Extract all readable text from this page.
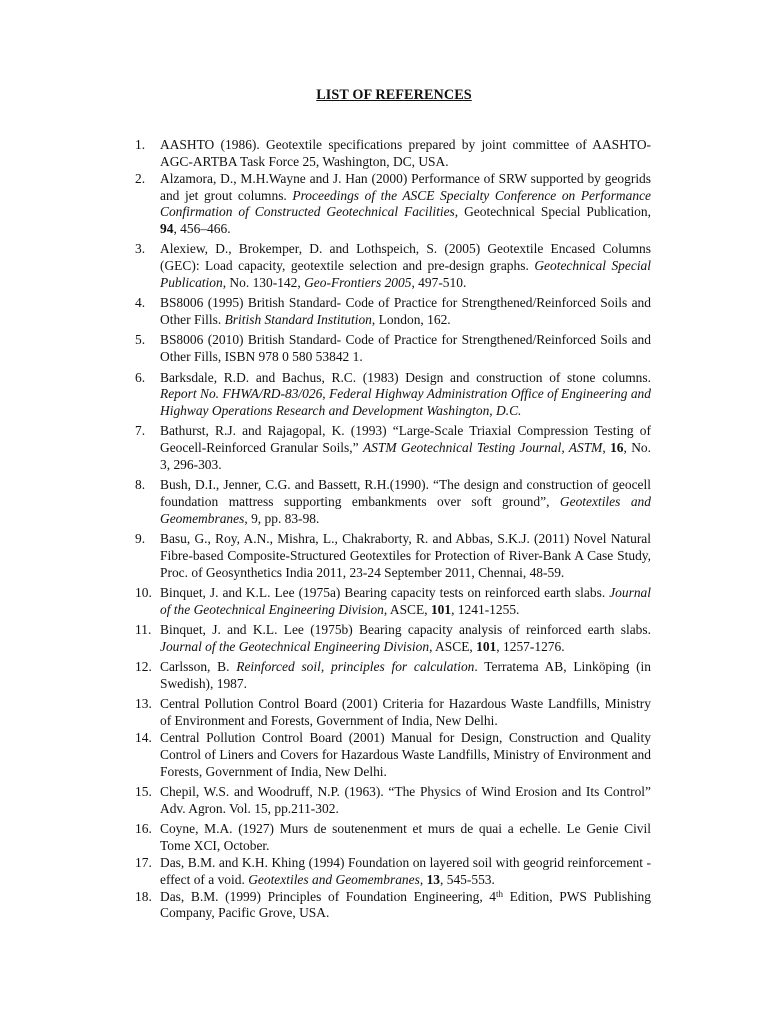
LIST OF REFERENCES
1. AASHTO (1986). Geotextile specifications prepared by joint committee of AASHTO-AGC-ARTBA Task Force 25, Washington, DC, USA.
2. Alzamora, D., M.H.Wayne and J. Han (2000) Performance of SRW supported by geogrids and jet grout columns. Proceedings of the ASCE Specialty Conference on Performance Confirmation of Constructed Geotechnical Facilities, Geotechnical Special Publication, 94, 456–466.
3. Alexiew, D., Brokemper, D. and Lothspeich, S. (2005) Geotextile Encased Columns (GEC): Load capacity, geotextile selection and pre-design graphs. Geotechnical Special Publication, No. 130-142, Geo-Frontiers 2005, 497-510.
4. BS8006 (1995) British Standard- Code of Practice for Strengthened/Reinforced Soils and Other Fills. British Standard Institution, London, 162.
5. BS8006 (2010) British Standard- Code of Practice for Strengthened/Reinforced Soils and Other Fills, ISBN 978 0 580 53842 1.
6. Barksdale, R.D. and Bachus, R.C. (1983) Design and construction of stone columns. Report No. FHWA/RD-83/026, Federal Highway Administration Office of Engineering and Highway Operations Research and Development Washington, D.C.
7. Bathurst, R.J. and Rajagopal, K. (1993) “Large-Scale Triaxial Compression Testing of Geocell-Reinforced Granular Soils,” ASTM Geotechnical Testing Journal, ASTM, 16, No. 3, 296-303.
8. Bush, D.I., Jenner, C.G. and Bassett, R.H.(1990). “The design and construction of geocell foundation mattress supporting embankments over soft ground”, Geotextiles and Geomembranes, 9, pp. 83-98.
9. Basu, G., Roy, A.N., Mishra, L., Chakraborty, R. and Abbas, S.K.J. (2011) Novel Natural Fibre-based Composite-Structured Geotextiles for Protection of River-Bank A Case Study, Proc. of Geosynthetics India 2011, 23-24 September 2011, Chennai, 48-59.
10. Binquet, J. and K.L. Lee (1975a) Bearing capacity tests on reinforced earth slabs. Journal of the Geotechnical Engineering Division, ASCE, 101, 1241-1255.
11. Binquet, J. and K.L. Lee (1975b) Bearing capacity analysis of reinforced earth slabs. Journal of the Geotechnical Engineering Division, ASCE, 101, 1257-1276.
12. Carlsson, B. Reinforced soil, principles for calculation. Terratema AB, Linköping (in Swedish), 1987.
13. Central Pollution Control Board (2001) Criteria for Hazardous Waste Landfills, Ministry of Environment and Forests, Government of India, New Delhi.
14. Central Pollution Control Board (2001) Manual for Design, Construction and Quality Control of Liners and Covers for Hazardous Waste Landfills, Ministry of Environment and Forests, Government of India, New Delhi.
15. Chepil, W.S. and Woodruff, N.P. (1963). “The Physics of Wind Erosion and Its Control” Adv. Agron. Vol. 15, pp.211-302.
16. Coyne, M.A. (1927) Murs de soutenenment et murs de quai a echelle. Le Genie Civil Tome XCI, October.
17. Das, B.M. and K.H. Khing (1994) Foundation on layered soil with geogrid reinforcement - effect of a void. Geotextiles and Geomembranes, 13, 545-553.
18. Das, B.M. (1999) Principles of Foundation Engineering, 4th Edition, PWS Publishing Company, Pacific Grove, USA.
